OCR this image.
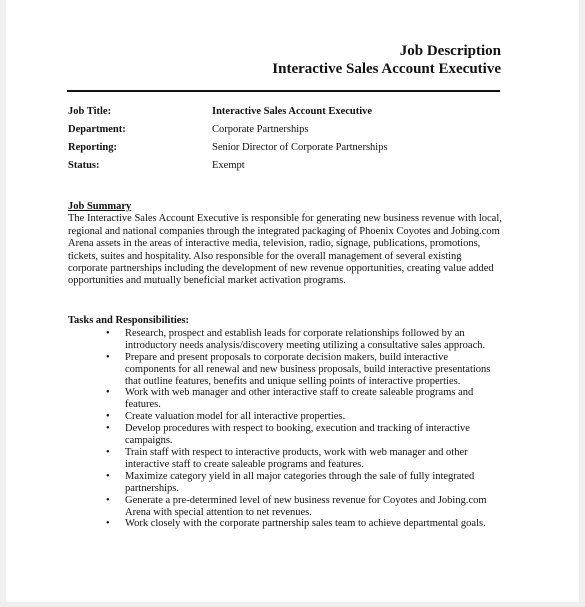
Job Description
Interactive Sales Account Executive
Job Title:	Interactive Sales Account Executive
Department:	Corporate Partnerships
Reporting:	Senior Director of Corporate Partnerships
Status:	Exempt
Job Summary
The Interactive Sales Account Executive is responsible for generating new business revenue with local, regional and national companies through the integrated packaging of Phoenix Coyotes and Jobing.com Arena assets in the areas of interactive media, television, radio, signage, publications, promotions, tickets, suites and hospitality. Also responsible for the overall management of several existing corporate partnerships including the development of new revenue opportunities, creating value added opportunities and mutually beneficial market activation programs.
Tasks and Responsibilities:
• Research, prospect and establish leads for corporate relationships followed by an introductory needs analysis/discovery meeting utilizing a consultative sales approach.
• Prepare and present proposals to corporate decision makers, build interactive components for all renewal and new business proposals, build interactive presentations that outline features, benefits and unique selling points of interactive properties.
• Work with web manager and other interactive staff to create saleable programs and features.
• Create valuation model for all interactive properties.
• Develop procedures with respect to booking, execution and tracking of interactive campaigns.
• Train staff with respect to interactive products, work with web manager and other interactive staff to create saleable programs and features.
• Maximize category yield in all major categories through the sale of fully integrated partnerships.
• Generate a pre-determined level of new business revenue for Coyotes and Jobing.com Arena with special attention to net revenues.
• Work closely with the corporate partnership sales team to achieve departmental goals.
